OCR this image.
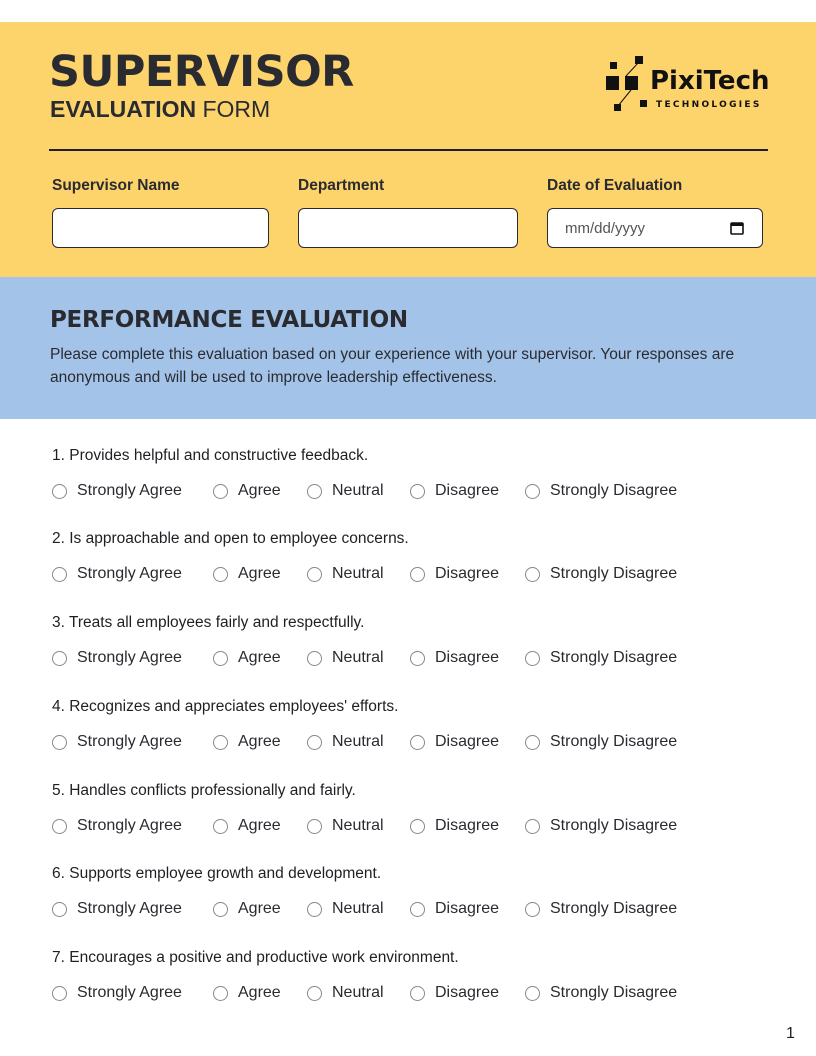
SUPERVISOR
EVALUATION FORM
PixiTech
TECHNOLOGIES
Supervisor Name	Department	Date of Evaluation
mm/dd/yyyy
PERFORMANCE EVALUATION
Please complete this evaluation based on your experience with your supervisor. Your responses are anonymous and will be used to improve leadership effectiveness.
1. Provides helpful and constructive feedback.
Strongly Agree	Agree	Neutral	Disagree	Strongly Disagree
2. Is approachable and open to employee concerns.
Strongly Agree	Agree	Neutral	Disagree	Strongly Disagree
3. Treats all employees fairly and respectfully.
Strongly Agree	Agree	Neutral	Disagree	Strongly Disagree
4. Recognizes and appreciates employees' efforts.
Strongly Agree	Agree	Neutral	Disagree	Strongly Disagree
5. Handles conflicts professionally and fairly.
Strongly Agree	Agree	Neutral	Disagree	Strongly Disagree
6. Supports employee growth and development.
Strongly Agree	Agree	Neutral	Disagree	Strongly Disagree
7. Encourages a positive and productive work environment.
Strongly Agree	Agree	Neutral	Disagree	Strongly Disagree
1
